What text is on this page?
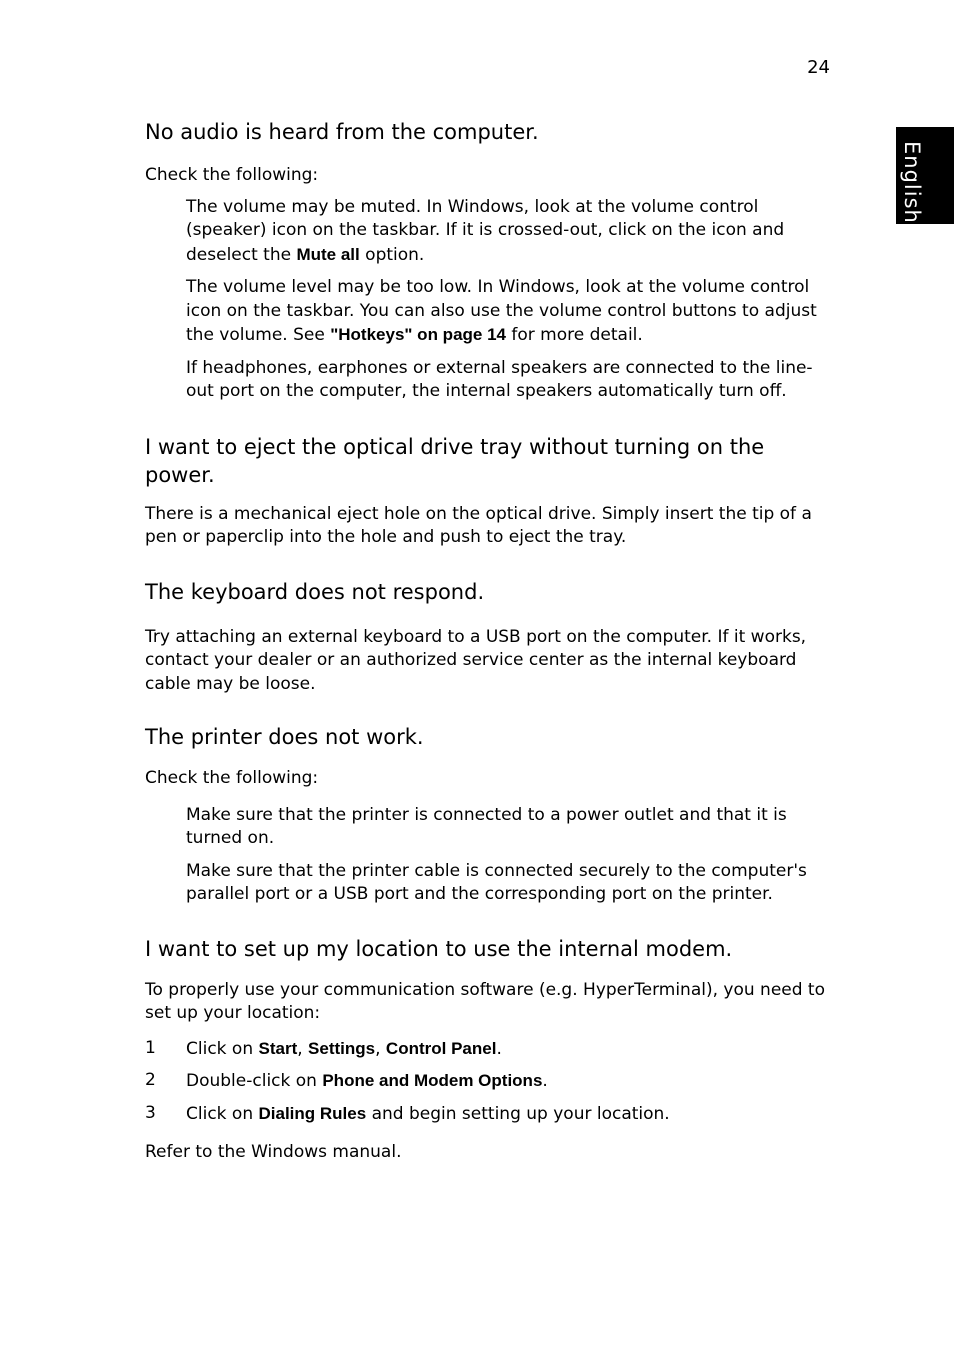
24
English
No audio is heard from the computer.

Check the following:

The volume may be muted. In Windows, look at the volume control (speaker) icon on the taskbar. If it is crossed-out, click on the icon and deselect the Mute all option.

The volume level may be too low. In Windows, look at the volume control icon on the taskbar. You can also use the volume control buttons to adjust the volume. See "Hotkeys" on page 14 for more detail.

If headphones, earphones or external speakers are connected to the line-out port on the computer, the internal speakers automatically turn off.

I want to eject the optical drive tray without turning on the power.

There is a mechanical eject hole on the optical drive. Simply insert the tip of a pen or paperclip into the hole and push to eject the tray.

The keyboard does not respond.

Try attaching an external keyboard to a USB port on the computer. If it works, contact your dealer or an authorized service center as the internal keyboard cable may be loose.

The printer does not work.

Check the following:

Make sure that the printer is connected to a power outlet and that it is turned on.

Make sure that the printer cable is connected securely to the computer's parallel port or a USB port and the corresponding port on the printer.

I want to set up my location to use the internal modem.

To properly use your communication software (e.g. HyperTerminal), you need to set up your location:

1 Click on Start, Settings, Control Panel.
2 Double-click on Phone and Modem Options.
3 Click on Dialing Rules and begin setting up your location.

Refer to the Windows manual.
